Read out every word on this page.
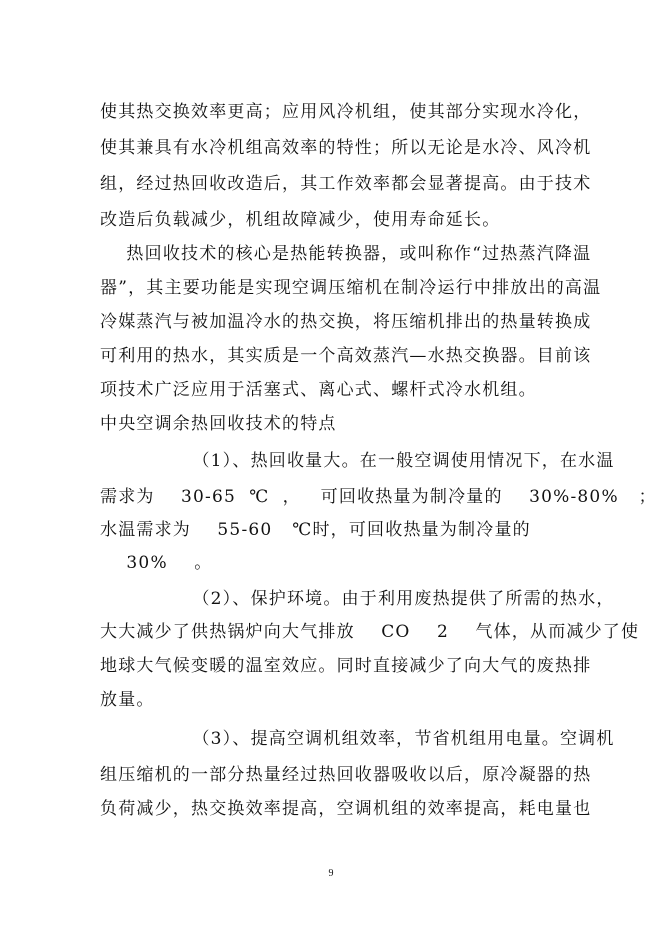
使其热交换效率更高；应用风冷机组，使其部分实现水冷化，
使其兼具有水冷机组高效率的特性；所以无论是水冷、风冷机
组，经过热回收改造后，其工作效率都会显著提高。由于技术
改造后负载减少，机组故障减少，使用寿命延长。
热回收技术的核心是热能转换器，或叫称作“过热蒸汽降温
器”，其主要功能是实现空调压缩机在制冷运行中排放出的高温
冷媒蒸汽与被加温冷水的热交换，将压缩机排出的热量转换成
可利用的热水，其实质是一个高效蒸汽—水热交换器。目前该
项技术广泛应用于活塞式、离心式、螺杆式冷水机组。
中央空调余热回收技术的特点
（1）、热回收量大。在一般空调使用情况下，在水温
需求为    30-65  ℃  ，   可回收热量为制冷量的    30%-80%   ；
水温需求为    55-60   ℃时，可回收热量为制冷量的
30%    。
（2）、保护环境。由于利用废热提供了所需的热水，
大大减少了供热锅炉向大气排放    CO    2    气体，从而减少了使
地球大气候变暖的温室效应。同时直接减少了向大气的废热排
放量。
（3）、提高空调机组效率，节省机组用电量。空调机
组压缩机的一部分热量经过热回收器吸收以后，原冷凝器的热
负荷减少，热交换效率提高，空调机组的效率提高，耗电量也
9
